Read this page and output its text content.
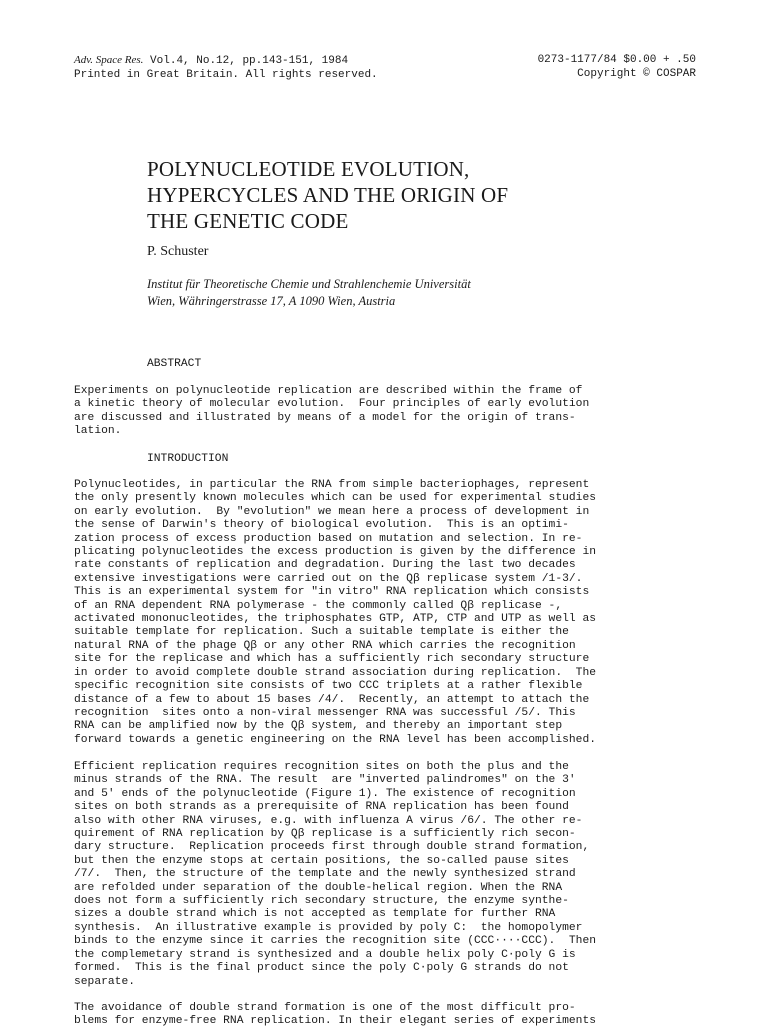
Adv. Space Res. Vol.4, No.12, pp.143-151, 1984
Printed in Great Britain. All rights reserved.
0273-1177/84 $0.00 + .50
Copyright © COSPAR
POLYNUCLEOTIDE EVOLUTION,
HYPERCYCLES AND THE ORIGIN OF
THE GENETIC CODE
P. Schuster
Institut für Theoretische Chemie und Strahlenchemie Universität
Wien, Währingerstrasse 17, A 1090 Wien, Austria
ABSTRACT

Experiments on polynucleotide replication are described within the frame of
a kinetic theory of molecular evolution.  Four principles of early evolution
are discussed and illustrated by means of a model for the origin of trans-
lation.

INTRODUCTION

Polynucleotides, in particular the RNA from simple bacteriophages, represent
the only presently known molecules which can be used for experimental studies
on early evolution.  By "evolution" we mean here a process of development in
the sense of Darwin's theory of biological evolution.  This is an optimi-
zation process of excess production based on mutation and selection. In re-
plicating polynucleotides the excess production is given by the difference in
rate constants of replication and degradation. During the last two decades
extensive investigations were carried out on the Qβ replicase system /1-3/.
This is an experimental system for "in vitro" RNA replication which consists
of an RNA dependent RNA polymerase - the commonly called Qβ replicase -,
activated mononucleotides, the triphosphates GTP, ATP, CTP and UTP as well as
suitable template for replication. Such a suitable template is either the
natural RNA of the phage Qβ or any other RNA which carries the recognition
site for the replicase and which has a sufficiently rich secondary structure
in order to avoid complete double strand association during replication.  The
specific recognition site consists of two CCC triplets at a rather flexible
distance of a few to about 15 bases /4/.  Recently, an attempt to attach the
recognition  sites onto a non-viral messenger RNA was successful /5/. This
RNA can be amplified now by the Qβ system, and thereby an important step
forward towards a genetic engineering on the RNA level has been accomplished.

Efficient replication requires recognition sites on both the plus and the
minus strands of the RNA. The result  are "inverted palindromes" on the 3'
and 5' ends of the polynucleotide (Figure 1). The existence of recognition
sites on both strands as a prerequisite of RNA replication has been found
also with other RNA viruses, e.g. with influenza A virus /6/. The other re-
quirement of RNA replication by Qβ replicase is a sufficiently rich secon-
dary structure.  Replication proceeds first through double strand formation,
but then the enzyme stops at certain positions, the so-called pause sites
/7/.  Then, the structure of the template and the newly synthesized strand
are refolded under separation of the double-helical region. When the RNA
does not form a sufficiently rich secondary structure, the enzyme synthe-
sizes a double strand which is not accepted as template for further RNA
synthesis.  An illustrative example is provided by poly C:  the homopolymer
binds to the enzyme since it carries the recognition site (CCC····CCC).  Then
the complemetary strand is synthesized and a double helix poly C·poly G is
formed.  This is the final product since the poly C·poly G strands do not
separate.

The avoidance of double strand formation is one of the most difficult pro-
blems for enzyme-free RNA replication. In their elegant series of experiments
